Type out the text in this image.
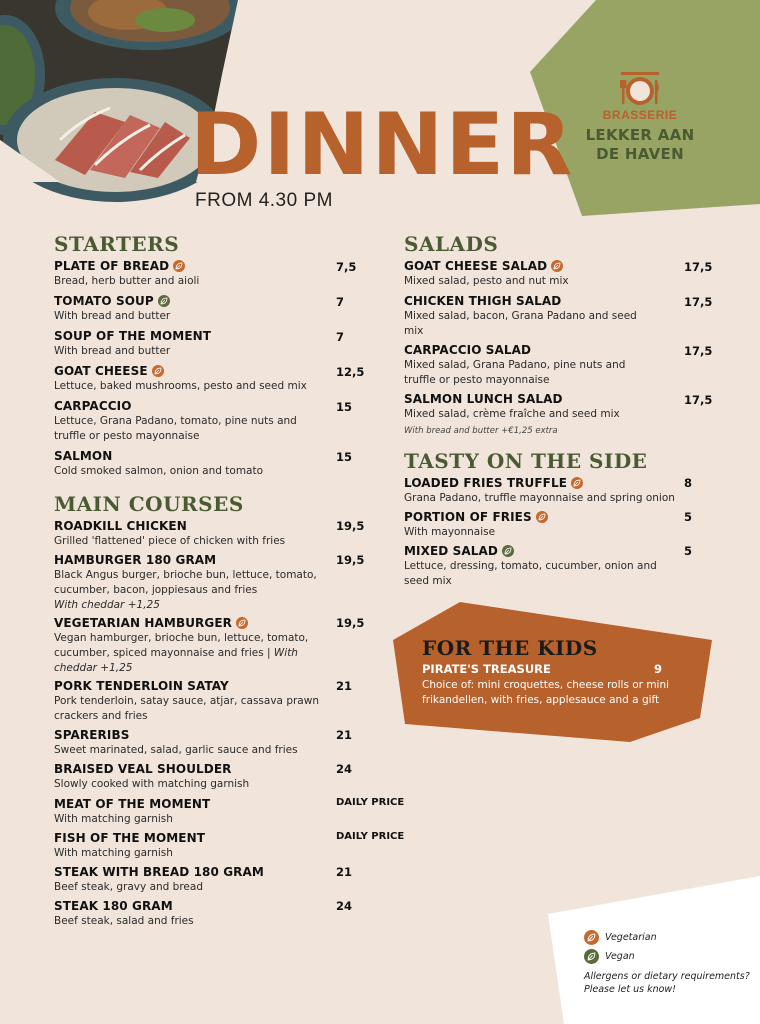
BRASSERIE
LEKKER AAN
DE HAVEN
DINNER
FROM 4.30 PM
STARTERS
PLATE OF BREAD
Bread, herb butter and aioli
7,5
TOMATO SOUP
With bread and butter
7
SOUP OF THE MOMENT
With bread and butter
7
GOAT CHEESE
Lettuce, baked mushrooms, pesto and seed mix
12,5
CARPACCIO
Lettuce, Grana Padano, tomato, pine nuts and truffle or pesto mayonnaise
15
SALMON
Cold smoked salmon, onion and tomato
15
MAIN COURSES
ROADKILL CHICKEN
Grilled 'flattened' piece of chicken with fries
19,5
HAMBURGER 180 GRAM
Black Angus burger, brioche bun, lettuce, tomato, cucumber, bacon, joppiesaus and fries
With cheddar +1,25
19,5
VEGETARIAN HAMBURGER
Vegan hamburger, brioche bun, lettuce, tomato, cucumber, spiced mayonnaise and fries | With cheddar +1,25
19,5
PORK TENDERLOIN SATAY
Pork tenderloin, satay sauce, atjar, cassava prawn crackers and fries
21
SPARERIBS
Sweet marinated, salad, garlic sauce and fries
21
BRAISED VEAL SHOULDER
Slowly cooked with matching garnish
24
MEAT OF THE MOMENT
With matching garnish
DAILY PRICE
FISH OF THE MOMENT
With matching garnish
DAILY PRICE
STEAK WITH BREAD 180 GRAM
Beef steak, gravy and bread
21
STEAK 180 GRAM
Beef steak, salad and fries
24
SALADS
GOAT CHEESE SALAD
Mixed salad, pesto and nut mix
17,5
CHICKEN THIGH SALAD
Mixed salad, bacon, Grana Padano and seed mix
17,5
CARPACCIO SALAD
Mixed salad, Grana Padano, pine nuts and truffle or pesto mayonnaise
17,5
SALMON LUNCH SALAD
Mixed salad, crème fraîche and seed mix
With bread and butter +€1,25 extra
17,5
TASTY ON THE SIDE
LOADED FRIES TRUFFLE
Grana Padano, truffle mayonnaise and spring onion
8
PORTION OF FRIES
With mayonnaise
5
MIXED SALAD
Lettuce, dressing, tomato, cucumber, onion and seed mix
5
FOR THE KIDS
PIRATE'S TREASURE	9
Choice of: mini croquettes, cheese rolls or mini frikandellen, with fries, applesauce and a gift
Vegetarian
Vegan
Allergens or dietary requirements?
Please let us know!
